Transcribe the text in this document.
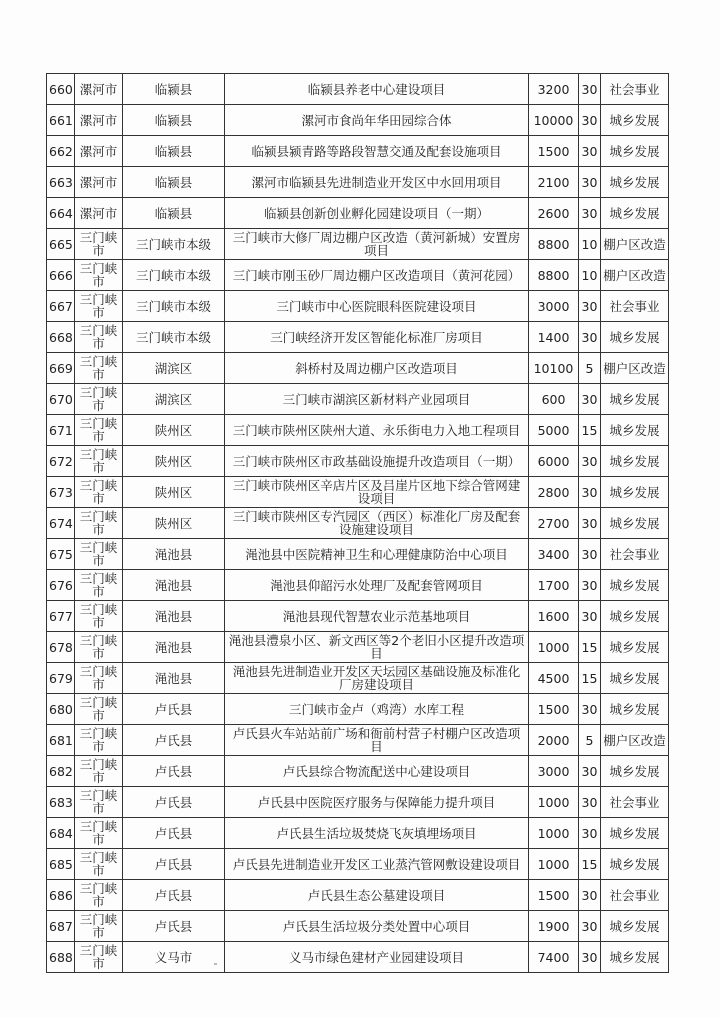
660	漯河市	临颍县	临颍县养老中心建设项目	3200	30	社会事业
661	漯河市	临颍县	漯河市食尚年华田园综合体	10000	30	城乡发展
662	漯河市	临颍县	临颍县颍青路等路段智慧交通及配套设施项目	1500	30	城乡发展
663	漯河市	临颍县	漯河市临颍县先进制造业开发区中水回用项目	2100	30	城乡发展
664	漯河市	临颍县	临颍县创新创业孵化园建设项目（一期）	2600	30	城乡发展
665	三门峡市	三门峡市本级	三门峡市大修厂周边棚户区改造（黄河新城）安置房项目	8800	10	棚户区改造
666	三门峡市	三门峡市本级	三门峡市刚玉砂厂周边棚户区改造项目（黄河花园）	8800	10	棚户区改造
667	三门峡市	三门峡市本级	三门峡市中心医院眼科医院建设项目	3000	30	社会事业
668	三门峡市	三门峡市本级	三门峡经济开发区智能化标准厂房项目	1400	30	城乡发展
669	三门峡市	湖滨区	斜桥村及周边棚户区改造项目	10100	5	棚户区改造
670	三门峡市	湖滨区	三门峡市湖滨区新材料产业园项目	600	30	城乡发展
671	三门峡市	陕州区	三门峡市陕州区陕州大道、永乐街电力入地工程项目	5000	15	城乡发展
672	三门峡市	陕州区	三门峡市陕州区市政基础设施提升改造项目（一期）	6000	30	城乡发展
673	三门峡市	陕州区	三门峡市陕州区辛店片区及吕崖片区地下综合管网建设项目	2800	30	城乡发展
674	三门峡市	陕州区	三门峡市陕州区专汽园区（西区）标准化厂房及配套设施建设项目	2700	30	城乡发展
675	三门峡市	渑池县	渑池县中医院精神卫生和心理健康防治中心项目	3400	30	社会事业
676	三门峡市	渑池县	渑池县仰韶污水处理厂及配套管网项目	1700	30	城乡发展
677	三门峡市	渑池县	渑池县现代智慧农业示范基地项目	1600	30	城乡发展
678	三门峡市	渑池县	渑池县澧泉小区、新文西区等2个老旧小区提升改造项目	1000	15	城乡发展
679	三门峡市	渑池县	渑池县先进制造业开发区天坛园区基础设施及标准化厂房建设项目	4500	15	城乡发展
680	三门峡市	卢氏县	三门峡市金卢（鸡湾）水库工程	1500	30	城乡发展
681	三门峡市	卢氏县	卢氏县火车站站前广场和衙前村营子村棚户区改造项目	2000	5	棚户区改造
682	三门峡市	卢氏县	卢氏县综合物流配送中心建设项目	3000	30	城乡发展
683	三门峡市	卢氏县	卢氏县中医院医疗服务与保障能力提升项目	1000	30	社会事业
684	三门峡市	卢氏县	卢氏县生活垃圾焚烧飞灰填埋场项目	1000	30	城乡发展
685	三门峡市	卢氏县	卢氏县先进制造业开发区工业蒸汽管网敷设建设项目	1000	15	城乡发展
686	三门峡市	卢氏县	卢氏县生态公墓建设项目	1500	30	社会事业
687	三门峡市	卢氏县	卢氏县生活垃圾分类处置中心项目	1900	30	城乡发展
688	三门峡市	义马市	义马市绿色建材产业园建设项目	7400	30	城乡发展
